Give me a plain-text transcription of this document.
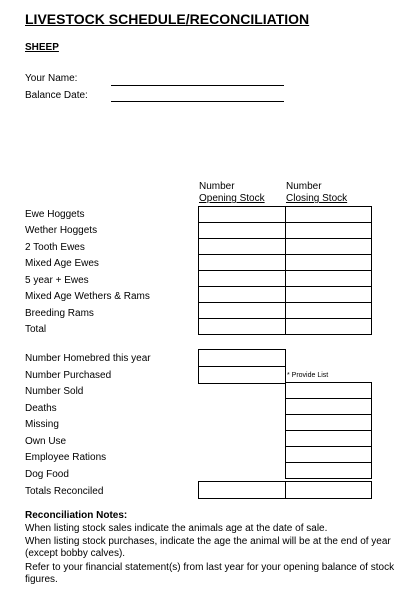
LIVESTOCK SCHEDULE/RECONCILIATION
SHEEP
Your Name:
Balance Date:
Number
Opening Stock
Number
Closing Stock
Ewe Hoggets
Wether Hoggets
2 Tooth Ewes
Mixed Age Ewes
5 year + Ewes
Mixed Age Wethers & Rams
Breeding Rams
Total
Number Homebred this year
Number Purchased
Number Sold
Deaths
Missing
Own Use
Employee Rations
Dog Food
Totals Reconciled
* Provide List
Reconciliation Notes:
When listing stock sales indicate the animals age at the date of sale.
When listing stock purchases, indicate the age the animal will be at the end of year (except bobby calves).
Refer to your financial statement(s) from last year for your opening balance of stock figures.
